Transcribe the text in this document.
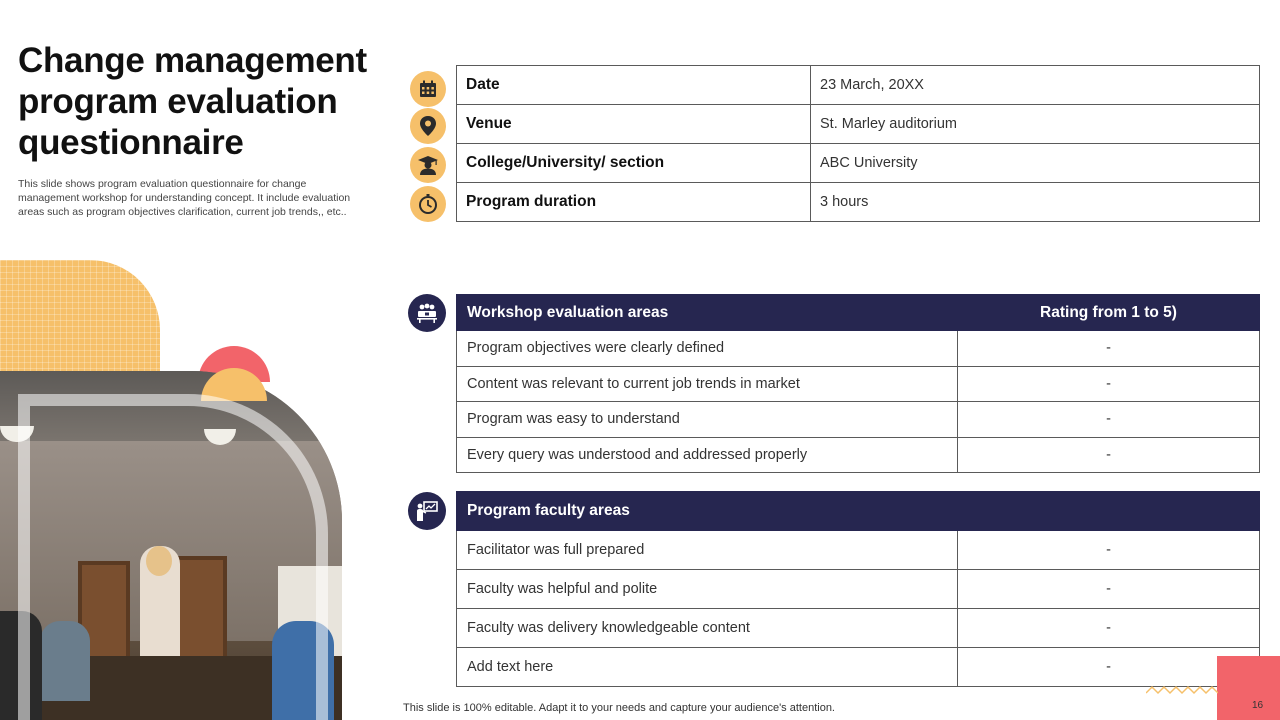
Change management program evaluation questionnaire
This slide shows program evaluation questionnaire for change management workshop for understanding concept. It include evaluation areas such as program objectives clarification, current job trends,, etc..
Date	23 March, 20XX
Venue	St. Marley auditorium
College/University/ section	ABC University
Program duration	3 hours
Workshop evaluation areas	Rating from 1 to 5)
Program objectives were clearly defined	-
Content was relevant to current job trends in market	-
Program was easy to understand	-
Every query was understood and addressed properly	-
Program faculty areas	
Facilitator was full prepared	-
Faculty was helpful and polite	-
Faculty was delivery knowledgeable content	-
Add text here	-
This slide is 100% editable. Adapt it to your needs and capture your audience's attention.	16
